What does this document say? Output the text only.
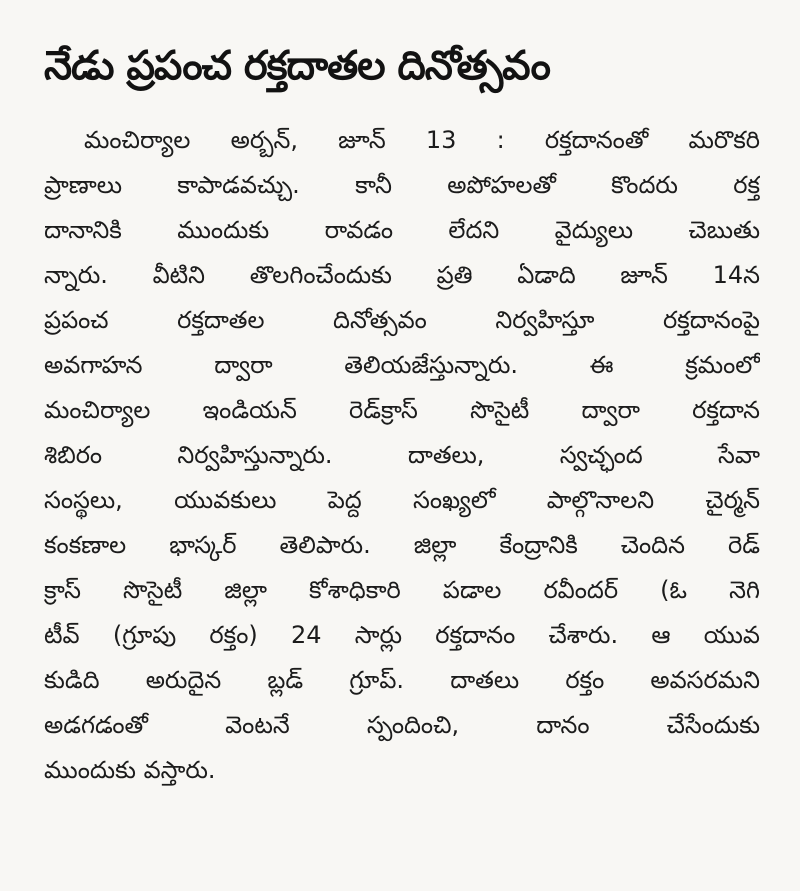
నేడు ప్రపంచ రక్తదాతల దినోత్సవం
మంచిర్యాల అర్బన్, జూన్ 13 : రక్తదానంతో మరొకరి
ప్రాణాలు కాపాడవచ్చు. కానీ అపోహలతో కొందరు రక్త
దానానికి ముందుకు రావడం లేదని వైద్యులు చెబుతు
న్నారు. వీటిని తొలగించేందుకు ప్రతి ఏడాది జూన్ 14న
ప్రపంచ రక్తదాతల దినోత్సవం నిర్వహిస్తూ రక్తదానంపై
అవగాహన ద్వారా తెలియజేస్తున్నారు. ఈ క్రమంలో
మంచిర్యాల ఇండియన్ రెడ్‌క్రాస్ సొసైటీ ద్వారా రక్తదాన
శిబిరం నిర్వహిస్తున్నారు. దాతలు, స్వచ్ఛంద సేవా
సంస్థలు, యువకులు పెద్ద సంఖ్యలో పాల్గొనాలని చైర్మన్
కంకణాల భాస్కర్ తెలిపారు. జిల్లా కేంద్రానికి చెందిన రెడ్
క్రాస్ సొసైటీ జిల్లా కోశాధికారి పడాల రవీందర్ (ఓ నెగి
టీవ్ (గ్రూపు రక్తం) 24 సార్లు రక్తదానం చేశారు. ఆ యువ
కుడిది అరుదైన బ్లడ్ గ్రూప్. దాతలు రక్తం అవసరమని
అడగడంతో వెంటనే స్పందించి, దానం చేసేందుకు
ముందుకు వస్తారు.
